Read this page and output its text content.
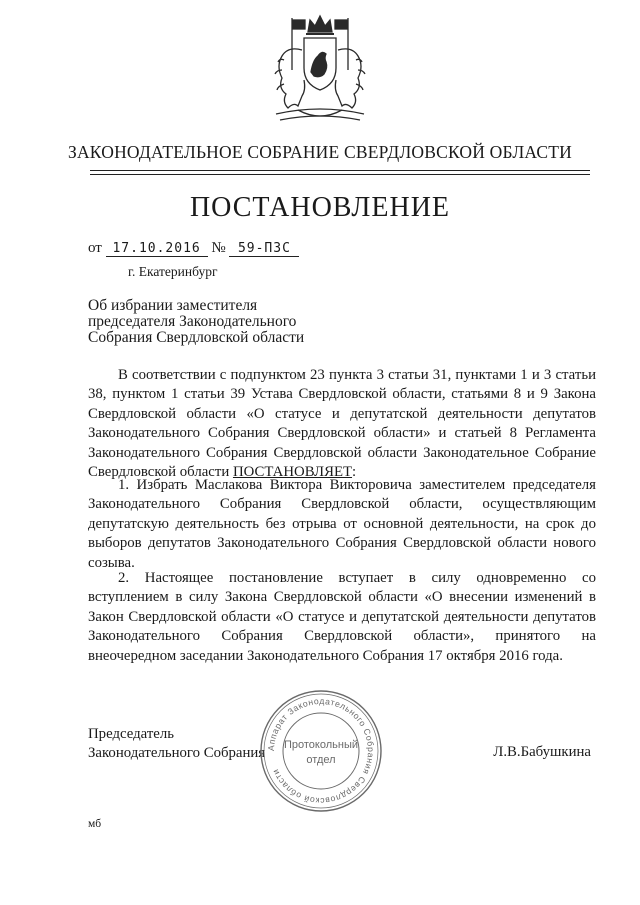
ЗАКОНОДАТЕЛЬНОЕ СОБРАНИЕ СВЕРДЛОВСКОЙ ОБЛАСТИ
ПОСТАНОВЛЕНИЕ
от 17.10.2016 № 59-ПЗС
г. Екатеринбург
Об избрании заместителя
председателя Законодательного
Собрания Свердловской области
В соответствии с подпунктом 23 пункта 3 статьи 31, пунктами 1 и 3 статьи 38, пунктом 1 статьи 39 Устава Свердловской области, статьями 8 и 9 Закона Свердловской области «О статусе и депутатской деятельности депутатов Законодательного Собрания Свердловской области» и статьей 8 Регламента Законодательного Собрания Свердловской области Законодательное Собрание Свердловской области ПОСТАНОВЛЯЕТ:
1. Избрать Маслакова Виктора Викторовича заместителем председателя Законодательного Собрания Свердловской области, осуществляющим депутатскую деятельность без отрыва от основной деятельности, на срок до выборов депутатов Законодательного Собрания Свердловской области нового созыва.
2. Настоящее постановление вступает в силу одновременно со вступлением в силу Закона Свердловской области «О внесении изменений в Закон Свердловской области «О статусе и депутатской деятельности депутатов Законодательного Собрания Свердловской области», принятого на внеочередном заседании Законодательного Собрания 17 октября 2016 года.
Председатель
Законодательного Собрания	Л.В.Бабушкина
Аппарат Законодательного Собрания Свердловской области
Протокольный
отдел
мб
